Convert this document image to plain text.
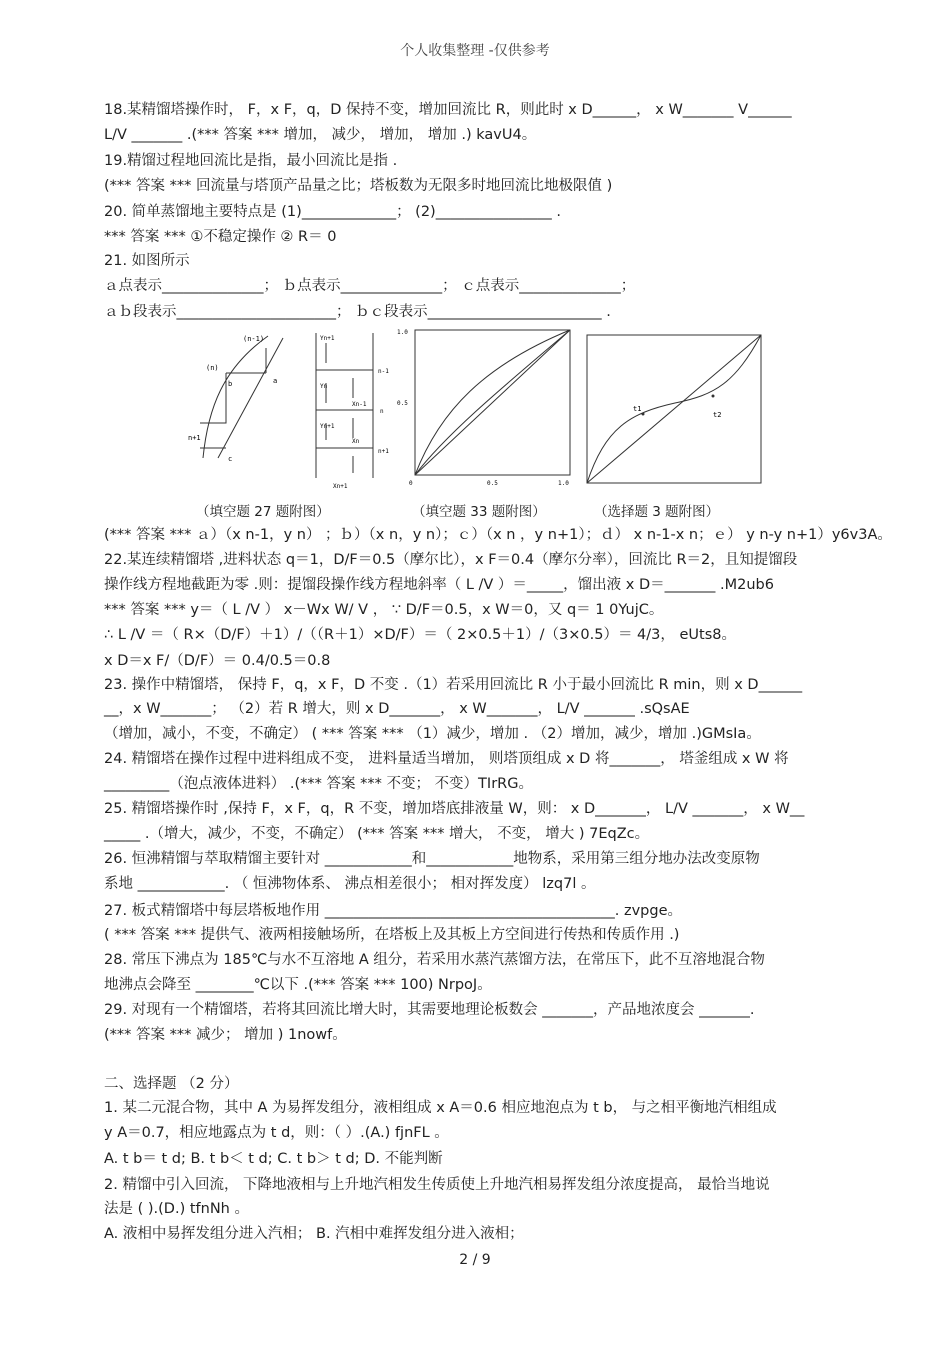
个人收集整理 -仅供参考
18.某精馏塔操作时， F，x F，q，D 保持不变，增加回流比 R，则此时 x D______， x W_______ V______
L/V _______ .(*** 答案 *** 增加， 减少， 增加， 增加 .) kavU4。
19.精馏过程地回流比是指，最小回流比是指 .
(*** 答案 *** 回流量与塔顶产品量之比；塔板数为无限多时地回流比地极限值 )
20. 简单蒸馏地主要特点是 (1)_____________； (2)________________ .
*** 答案 *** ①不稳定操作 ② R＝ 0
21. 如图所示
ａ点表示______________； ｂ点表示______________； ｃ点表示______________；
ａｂ段表示______________________； ｂｃ段表示________________________ .
(n-1)
(n)
b	a
c
n+1
Yn+1
n-1
Yn
Xn-1
n
Yn+1
Xn
n+1
Xn+1
1.0
0.5
0	0.5	1.0
t1
t2
（填空题 27 题附图）	（填空题 33 题附图）	（选择题 3 题附图）
(*** 答案 *** ａ）（x n-1，y n） ；ｂ）（x n，y n）；ｃ）（x n ，y n+1）；ｄ） x n-1-x n；ｅ） y n-y n+1）y6v3A。
22.某连续精馏塔 ,进料状态 q＝1，D/F＝0.5（摩尔比），x F＝0.4（摩尔分率），回流比 R＝2，且知提馏段
操作线方程地截距为零 .则：提馏段操作线方程地斜率（ L /V ）＝_____，馏出液 x D＝_______ .M2ub6
*** 答案 *** y＝（ L /V ） x－Wx W/ V ， ∵ D/F＝0.5，x W＝0，又 q＝ 1 0YujC。
∴ L /V ＝（ R×（D/F）＋1）/（（R＋1）×D/F）＝（ 2×0.5＋1）/（3×0.5）＝ 4/3， eUts8。
x D＝x F/（D/F）＝ 0.4/0.5＝0.8
23. 操作中精馏塔， 保持 F，q，x F，D 不变 .（1）若采用回流比 R 小于最小回流比 R min，则 x D______
__，x W_______； （2）若 R 增大，则 x D_______， x W_______， L/V _______ .sQsAE
（增加，减小，不变，不确定） ( *** 答案 *** （1）减少，增加 . （2）增加，减少，增加 .)GMsIa。
24. 精馏塔在操作过程中进料组成不变， 进料量适当增加， 则塔顶组成 x D 将_______， 塔釜组成 x W 将
_________（泡点液体进料） .(*** 答案 *** 不变； 不变）TIrRG。
25. 精馏塔操作时 ,保持 F，x F，q，R 不变，增加塔底排液量 W，则： x D_______， L/V _______， x W__
_____ .（增大，减少，不变，不确定） (*** 答案 *** 增大， 不变， 增大 ) 7EqZc。
26. 恒沸精馏与萃取精馏主要针对 ____________和____________地物系，采用第三组分地办法改变原物
系地 ____________. （ 恒沸物体系、 沸点相差很小； 相对挥发度） lzq7l 。
27. 板式精馏塔中每层塔板地作用 ________________________________________. zvpge。
( *** 答案 *** 提供气、液两相接触场所，在塔板上及其板上方空间进行传热和传质作用 .)
28. 常压下沸点为 185℃与水不互溶地 A 组分，若采用水蒸汽蒸馏方法，在常压下，此不互溶地混合物
地沸点会降至 ________℃以下 .(*** 答案 *** 100) NrpoJ。
29. 对现有一个精馏塔，若将其回流比增大时，其需要地理论板数会 _______，产品地浓度会 _______.
(*** 答案 *** 减少； 增加 ) 1nowf。
二、选择题 （2 分）
1. 某二元混合物，其中 A 为易挥发组分，液相组成 x A＝0.6 相应地泡点为 t b， 与之相平衡地汽相组成
y A＝0.7，相应地露点为 t d，则：（ ）.(A.) fjnFL 。
A. t b＝ t d; B. t b＜ t d; C. t b＞ t d; D. 不能判断
2. 精馏中引入回流， 下降地液相与上升地汽相发生传质使上升地汽相易挥发组分浓度提高， 最恰当地说
法是 ( ).(D.) tfnNh 。
A. 液相中易挥发组分进入汽相； B. 汽相中难挥发组分进入液相；
2 / 9
